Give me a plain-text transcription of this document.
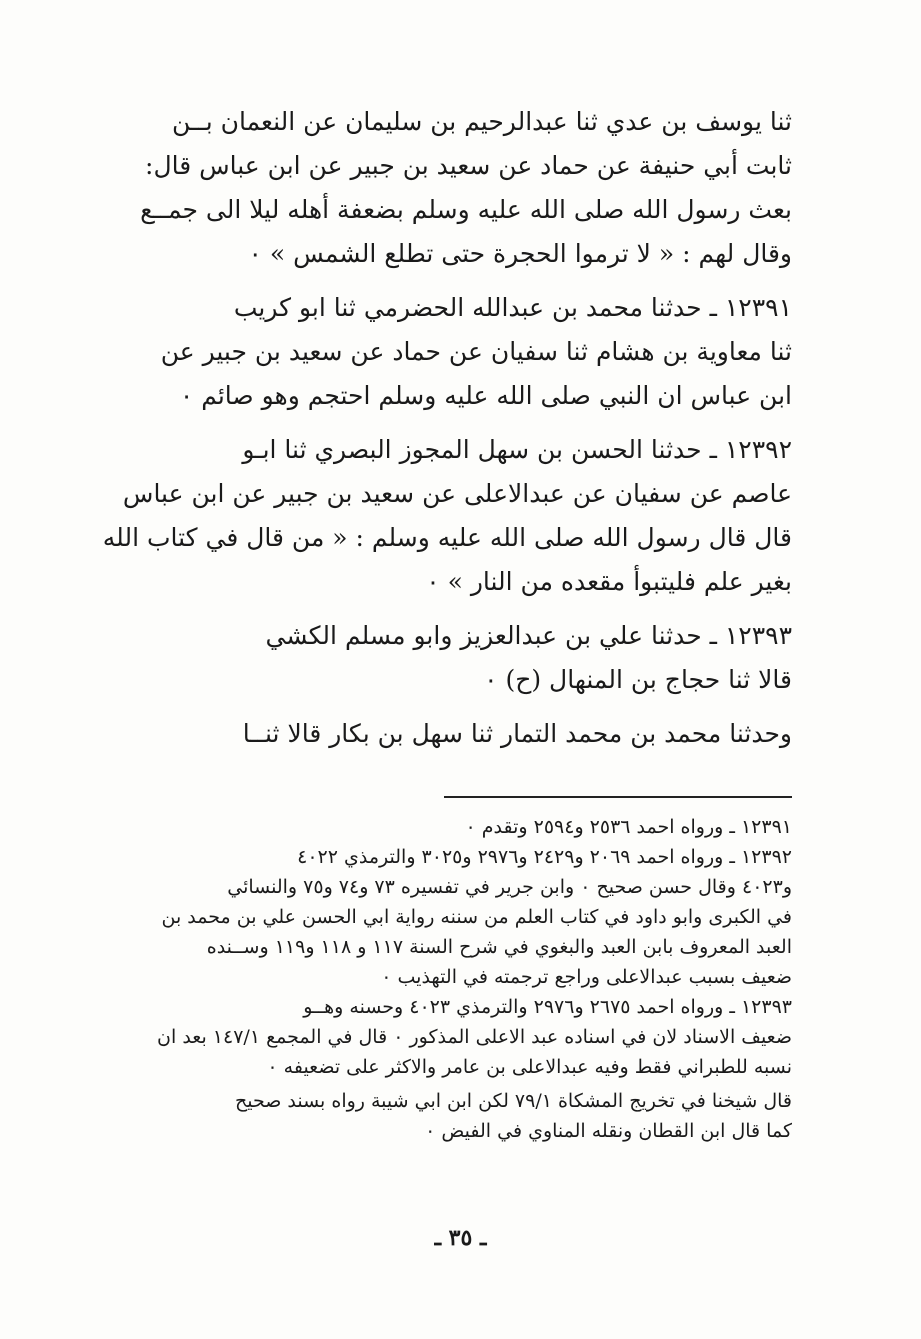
ثنا يوسف بن عدي ثنا عبدالرحيم بن سليمان عن النعمان بــن
ثابت أبي حنيفة عن حماد عن سعيد بن جبير عن ابن عباس قال:
بعث رسول الله صلى الله عليه وسلم بضعفة أهله ليلا الى جمــع
وقال لهم : « لا ترموا الحجرة حتى تطلع الشمس » ٠
١٢٣٩١ ـ حدثنا محمد بن عبدالله الحضرمي ثنا ابو كريب
ثنا معاوية بن هشام ثنا سفيان عن حماد عن سعيد بن جبير عن
ابن عباس ان النبي صلى الله عليه وسلم احتجم وهو صائم ٠
١٢٣٩٢ ـ حدثنا الحسن بن سهل المجوز البصري ثنا ابـو
عاصم عن سفيان عن عبدالاعلى عن سعيد بن جبير عن ابن عباس
قال قال رسول الله صلى الله عليه وسلم : « من قال في كتاب الله
بغير علم فليتبوأ مقعده من النار » ٠
١٢٣٩٣ ـ حدثنا علي بن عبدالعزيز وابو مسلم الكشي
قالا ثنا حجاج بن المنهال (ح) ٠
وحدثنا محمد بن محمد التمار ثنا سهل بن بكار قالا ثنــا
١٢٣٩١ ـ ورواه احمد ٢٥٣٦ و٢٥٩٤ وتقدم ٠
١٢٣٩٢ ـ ورواه احمد ٢٠٦٩ و٢٤٢٩ و٢٩٧٦ و٣٠٢٥ والترمذي ٤٠٢٢
و٤٠٢٣ وقال حسن صحيح ٠ وابن جرير في تفسيره ٧٣ و٧٤ و٧٥ والنسائي
في الكبرى وابو داود في كتاب العلم من سننه رواية ابي الحسن علي بن محمد بن
العبد المعروف بابن العبد والبغوي في شرح السنة ١١٧ و ١١٨ و١١٩ وســنده
ضعيف بسبب عبدالاعلى وراجع ترجمته في التهذيب ٠
١٢٣٩٣ ـ ورواه احمد ٢٦٧٥ و٢٩٧٦ والترمذي ٤٠٢٣ وحسنه وهــو
ضعيف الاسناد لان في اسناده عبد الاعلى المذكور ٠ قال في المجمع ١٤٧/١ بعد ان
نسبه للطبراني فقط وفيه عبدالاعلى بن عامر والاكثر على تضعيفه ٠
قال شيخنا في تخريج المشكاة ٧٩/١ لكن ابن ابي شيبة رواه بسند صحيح
كما قال ابن القطان ونقله المناوي في الفيض ٠
ـ ٣٥ ـ
